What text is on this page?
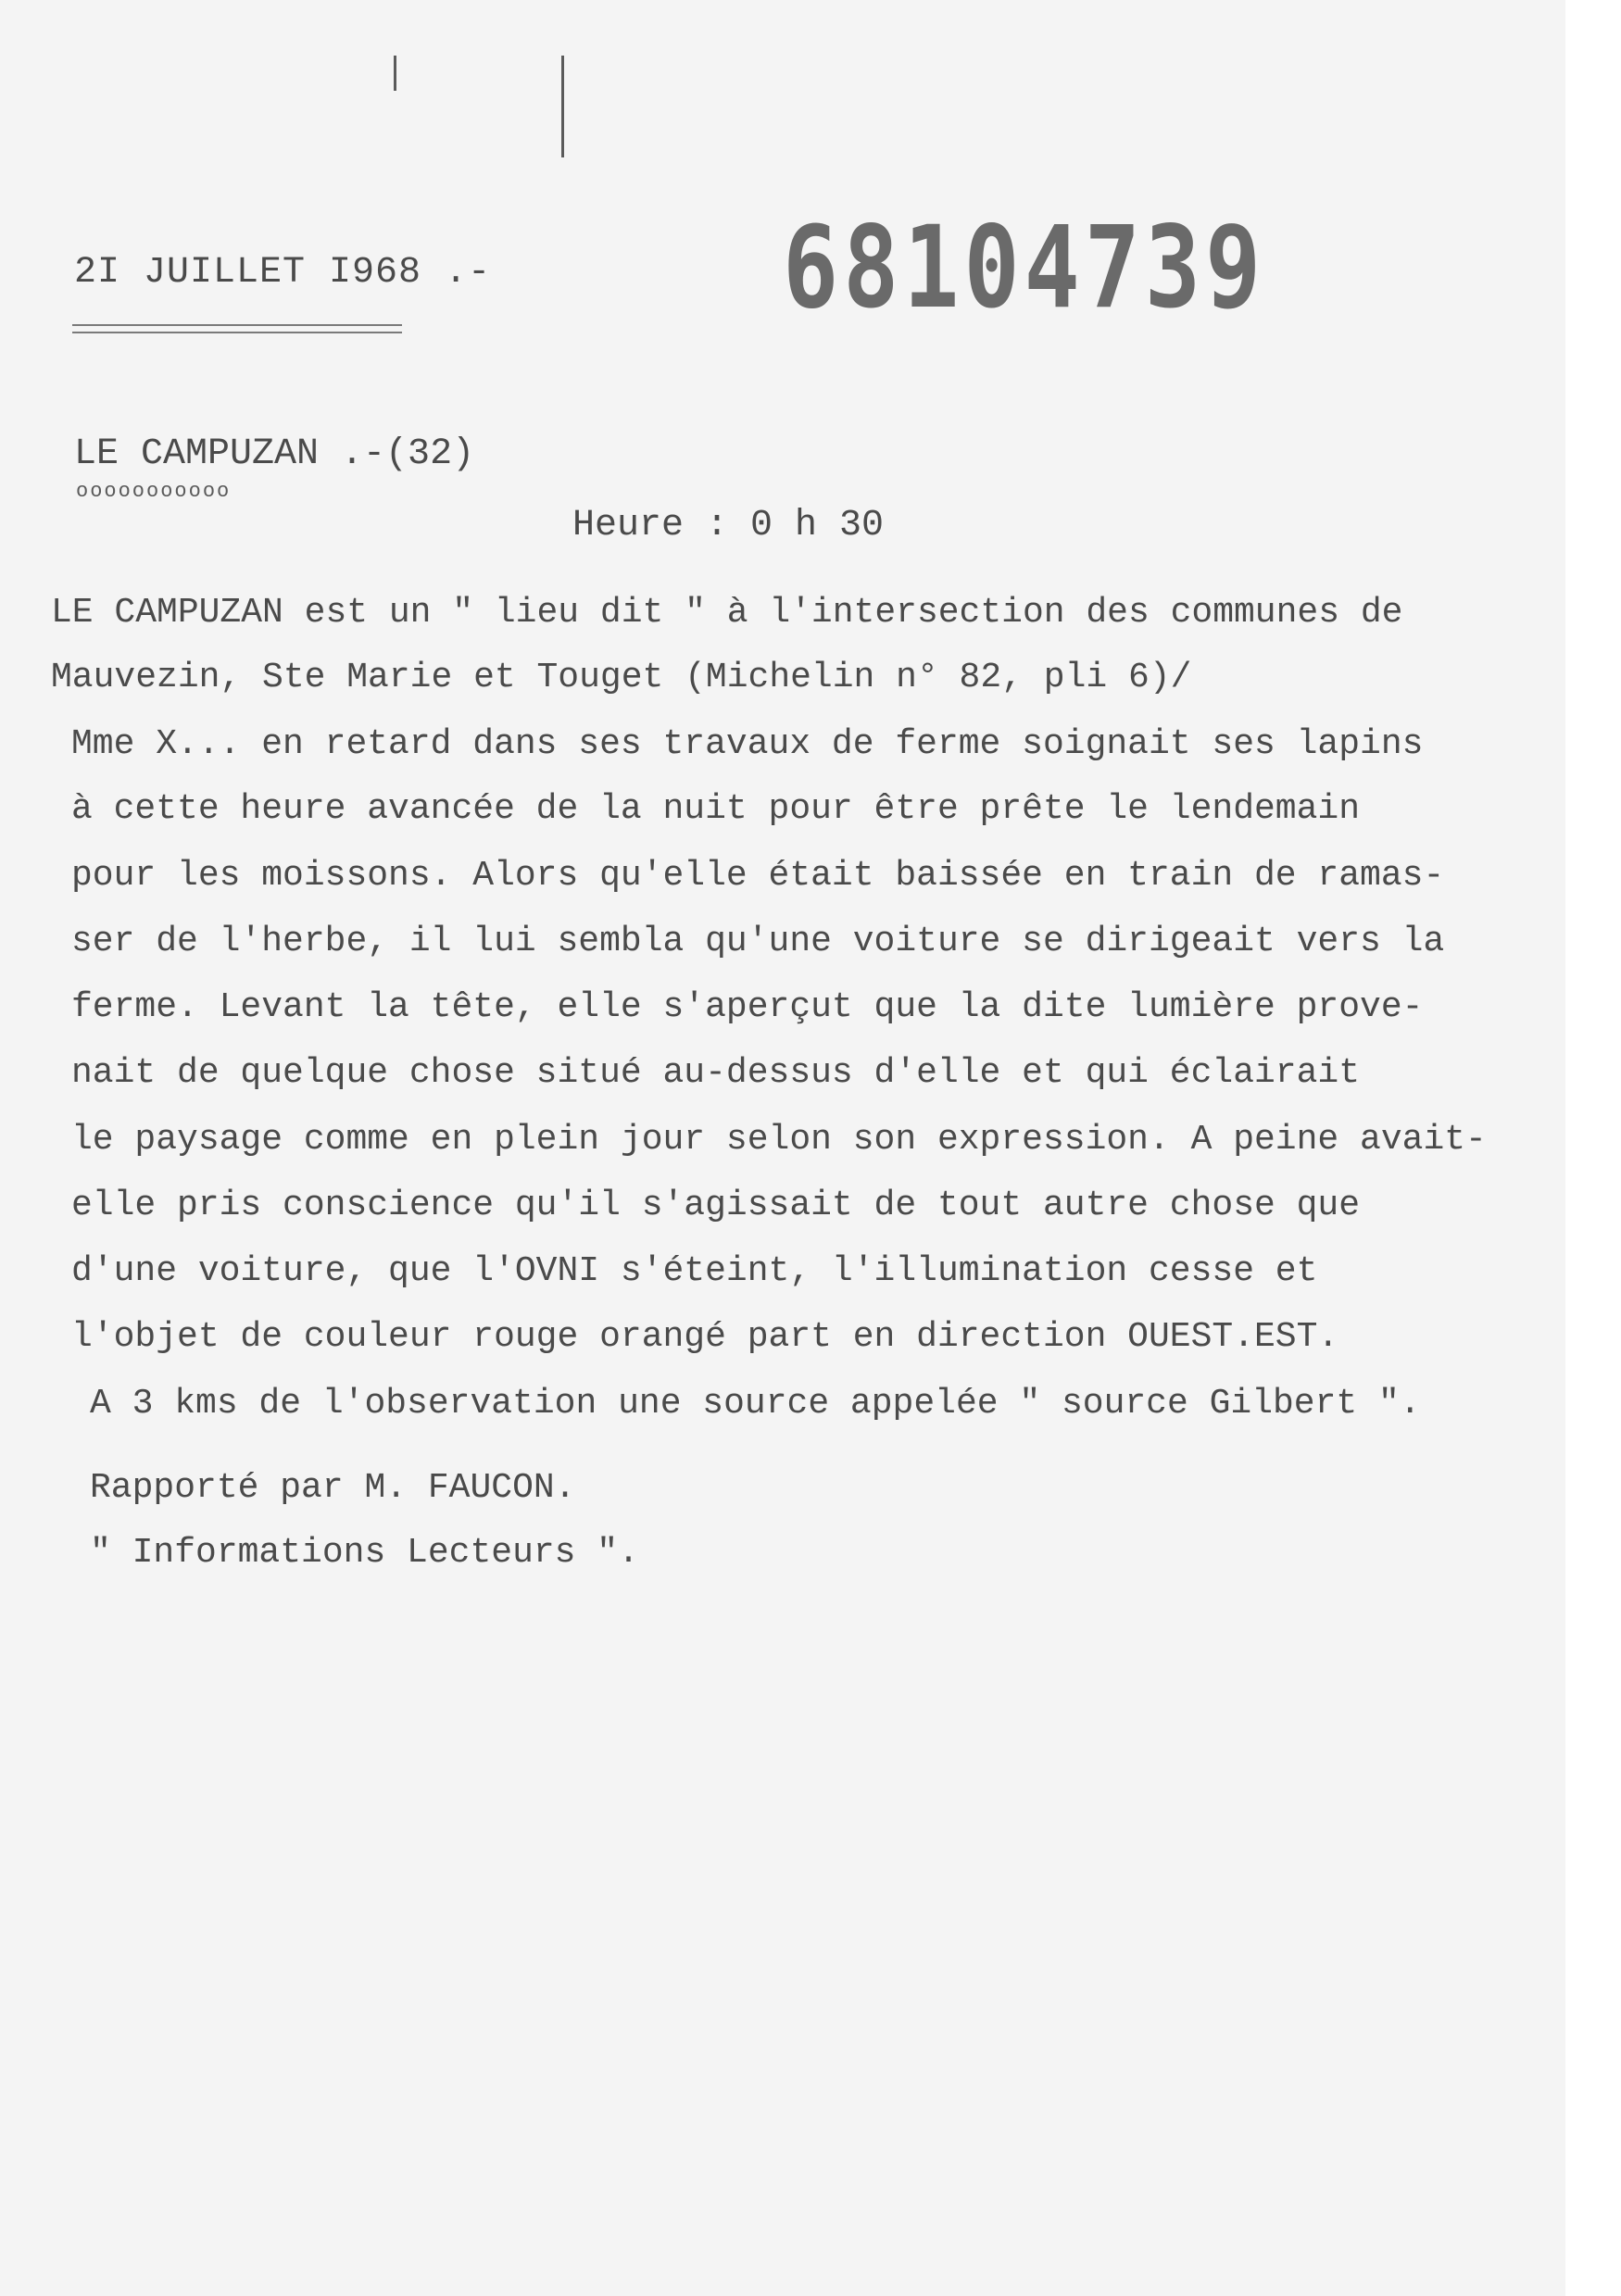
68104739
2I JUILLET I968 .-
LE CAMPUZAN .-(32)
ooooooooooo
Heure : 0 h 30
LE CAMPUZAN est un " lieu dit " à l'intersection des communes de
Mauvezin, Ste Marie et Touget (Michelin n° 82, pli 6)/
Mme X... en retard dans ses travaux de ferme soignait ses lapins
à cette heure avancée de la nuit pour être prête le lendemain
pour les moissons. Alors qu'elle était baissée en train de ramas-
ser de l'herbe, il lui sembla qu'une voiture se dirigeait vers la
ferme. Levant la tête, elle s'aperçut que la dite lumière prove-
nait de quelque chose situé au-dessus d'elle et qui éclairait
le paysage comme en plein jour selon son expression. A peine avait-
elle pris conscience qu'il s'agissait de tout autre chose que
d'une voiture, que l'OVNI s'éteint, l'illumination cesse et
l'objet de couleur rouge orangé part en direction OUEST.EST.
A 3 kms de l'observation une source appelée " source Gilbert ".
Rapporté par M. FAUCON.
" Informations Lecteurs ".
